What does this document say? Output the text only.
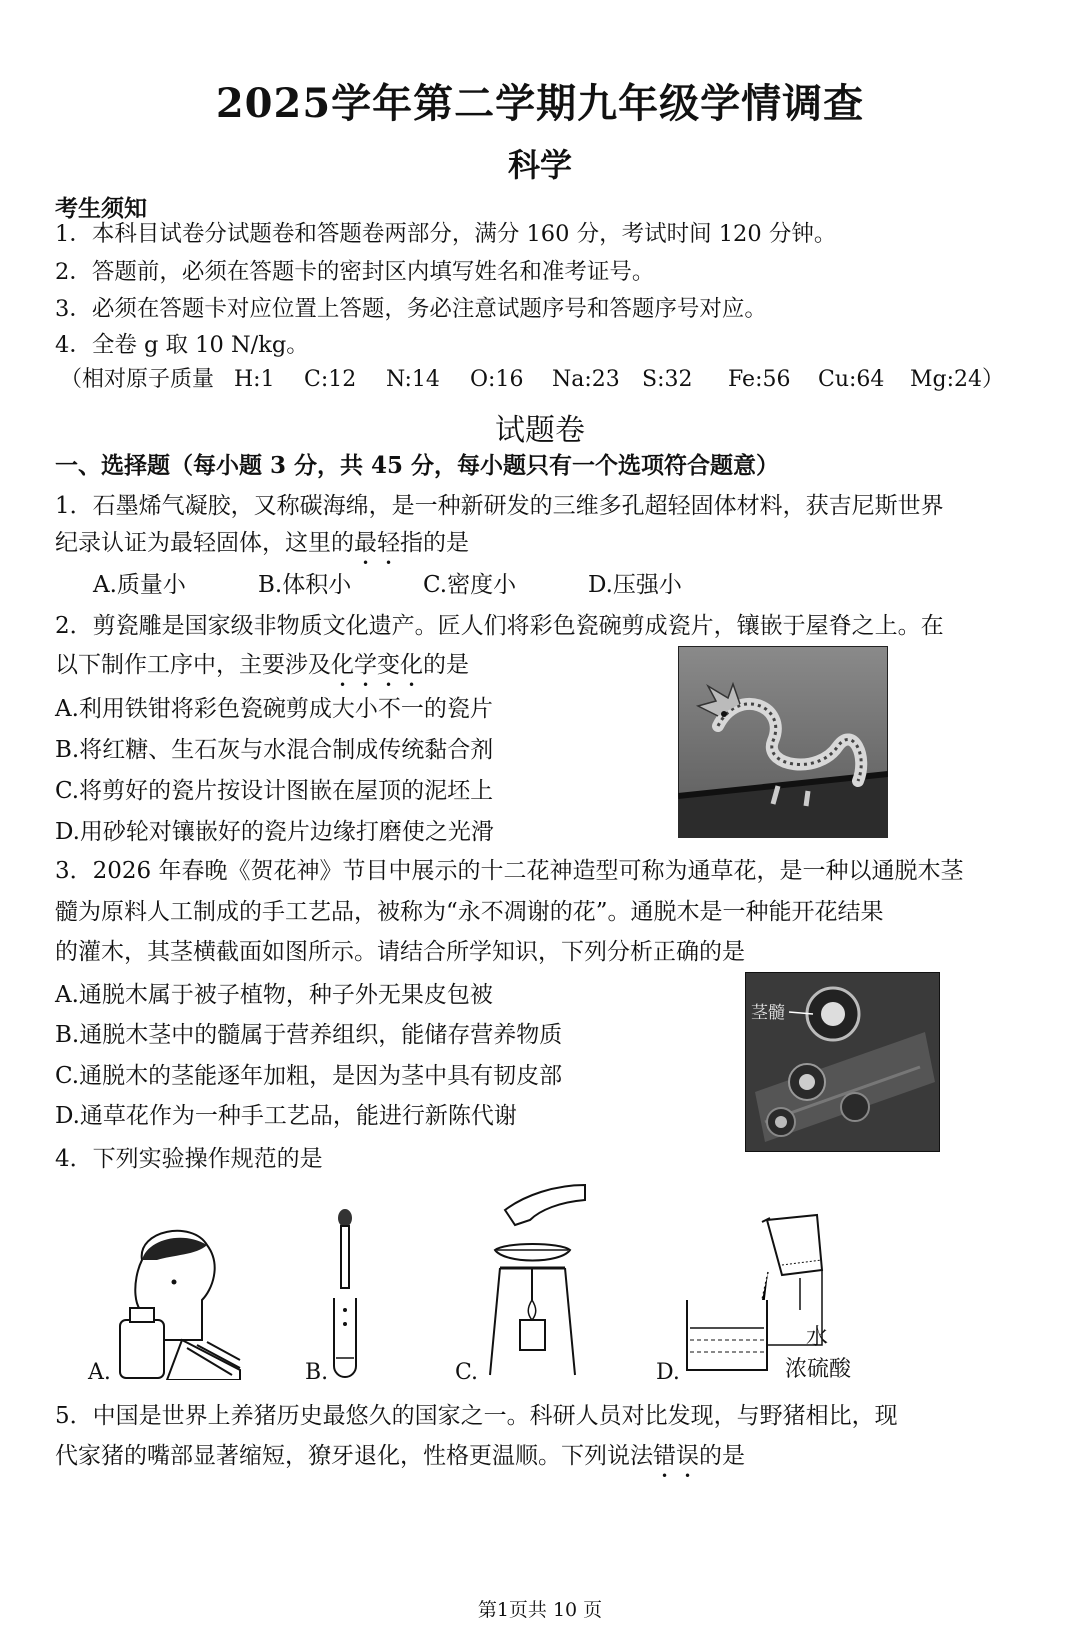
2025学年第二学期九年级学情调查
科学
考生须知
1．本科目试卷分试题卷和答题卷两部分，满分 160 分，考试时间 120 分钟。
2．答题前，必须在答题卡的密封区内填写姓名和准考证号。
3．必须在答题卡对应位置上答题，务必注意试题序号和答题序号对应。
4．全卷 g 取 10 N/kg。
（相对原子质量 H:1 C:12 N:14 O:16 Na:23 S:32 Fe:56 Cu:64 Mg:24）
试题卷
一、选择题（每小题 3 分，共 45 分，每小题只有一个选项符合题意）
1．石墨烯气凝胶，又称碳海绵，是一种新研发的三维多孔超轻固体材料，获吉尼斯世界
纪录认证为最轻固体，这里的最轻指的是
A.质量小	B.体积小	C.密度小	D.压强小
2．剪瓷雕是国家级非物质文化遗产。匠人们将彩色瓷碗剪成瓷片，镶嵌于屋脊之上。在
以下制作工序中，主要涉及化学变化的是
A.利用铁钳将彩色瓷碗剪成大小不一的瓷片
B.将红糖、生石灰与水混合制成传统黏合剂
C.将剪好的瓷片按设计图嵌在屋顶的泥坯上
D.用砂轮对镶嵌好的瓷片边缘打磨使之光滑
3．2026 年春晚《贺花神》节目中展示的十二花神造型可称为通草花，是一种以通脱木茎
髓为原料人工制成的手工艺品，被称为“永不凋谢的花”。通脱木是一种能开花结果
的灌木，其茎横截面如图所示。请结合所学知识，下列分析正确的是
A.通脱木属于被子植物，种子外无果皮包被
B.通脱木茎中的髓属于营养组织，能储存营养物质
C.通脱木的茎能逐年加粗，是因为茎中具有韧皮部
D.通草花作为一种手工艺品，能进行新陈代谢
茎髓
4．下列实验操作规范的是
A.	B.	C.
水
浓硫酸
D.
5．中国是世界上养猪历史最悠久的国家之一。科研人员对比发现，与野猪相比，现
代家猪的嘴部显著缩短，獠牙退化，性格更温顺。下列说法错误的是
第1页共 10 页
